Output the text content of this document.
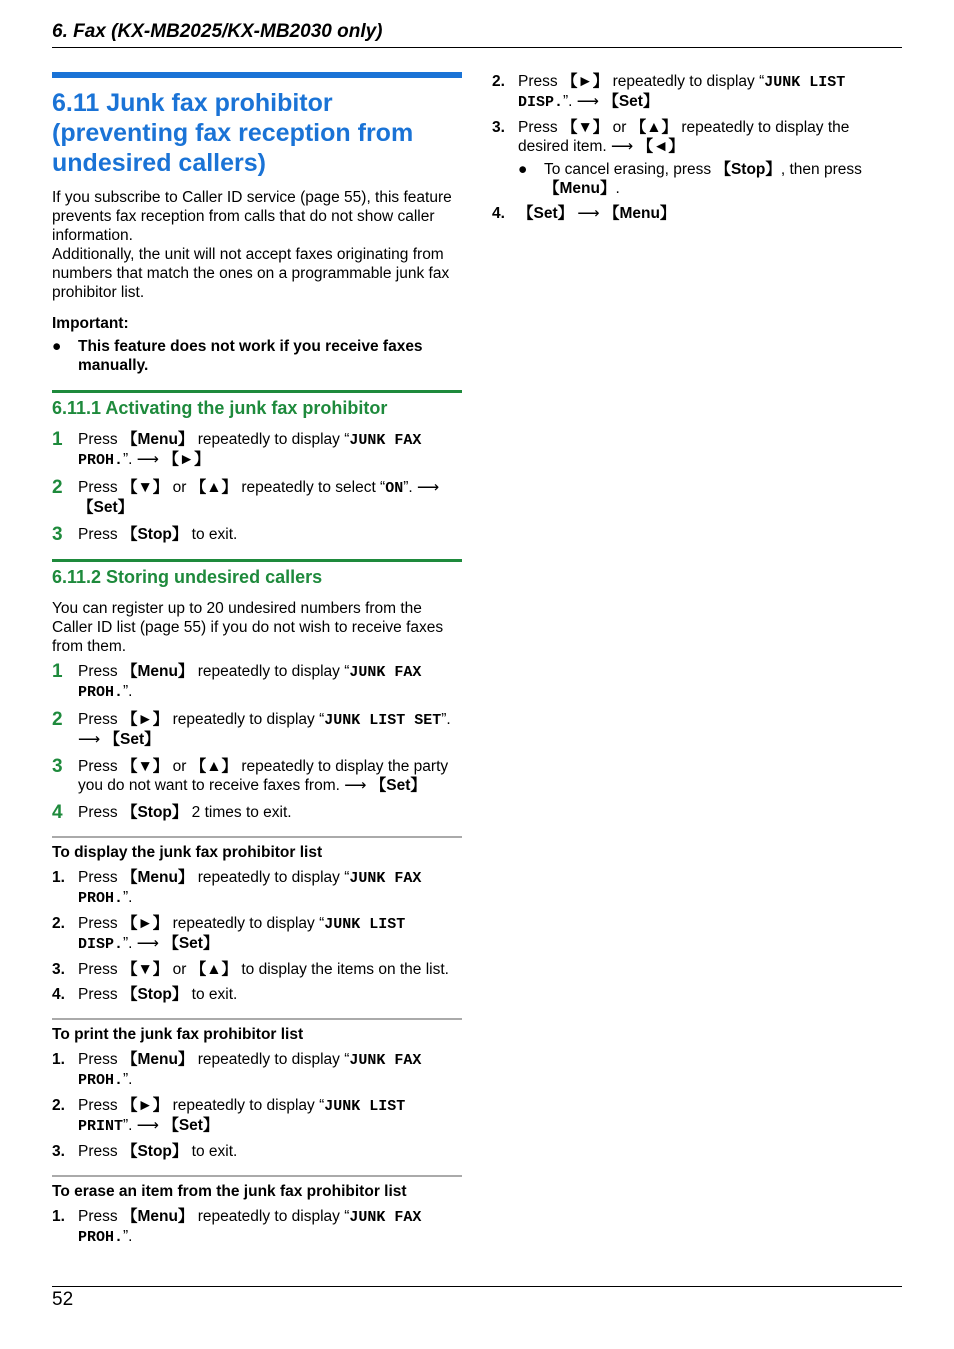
6. Fax (KX-MB2025/KX-MB2030 only)
6.11 Junk fax prohibitor (preventing fax reception from undesired callers)

If you subscribe to Caller ID service (page 55), this feature prevents fax reception from calls that do not show caller information.

Additionally, the unit will not accept faxes originating from numbers that match the ones on a programmable junk fax prohibitor list.

Important:

●	This feature does not work if you receive faxes manually.
6.11.1 Activating the junk fax prohibitor
1 Press 【Menu】 repeatedly to display “JUNK FAX PROH.”. ⟶ 【►】
2 Press 【▼】 or 【▲】 repeatedly to select “ON”. ⟶ 【Set】
3 Press 【Stop】 to exit.
6.11.2 Storing undesired callers

You can register up to 20 undesired numbers from the Caller ID list (page 55) if you do not wish to receive faxes from them.

1 Press 【Menu】 repeatedly to display “JUNK FAX PROH.”.
2 Press 【►】 repeatedly to display “JUNK LIST SET”. ⟶ 【Set】
3 Press 【▼】 or 【▲】 repeatedly to display the party you do not want to receive faxes from. ⟶ 【Set】
4 Press 【Stop】 2 times to exit.
To display the junk fax prohibitor list
1. Press 【Menu】 repeatedly to display “JUNK FAX PROH.”.
2. Press 【►】 repeatedly to display “JUNK LIST DISP.”. ⟶ 【Set】
3. Press 【▼】 or 【▲】 to display the items on the list.
4. Press 【Stop】 to exit.
To print the junk fax prohibitor list
1. Press 【Menu】 repeatedly to display “JUNK FAX PROH.”.
2. Press 【►】 repeatedly to display “JUNK LIST PRINT”. ⟶ 【Set】
3. Press 【Stop】 to exit.
To erase an item from the junk fax prohibitor list
1. Press 【Menu】 repeatedly to display “JUNK FAX PROH.”.
2. Press 【►】 repeatedly to display “JUNK LIST DISP.”. ⟶ 【Set】
3. Press 【▼】 or 【▲】 repeatedly to display the desired item. ⟶ 【◄】
●	To cancel erasing, press 【Stop】, then press 【Menu】.
4. 【Set】 ⟶ 【Menu】
52
